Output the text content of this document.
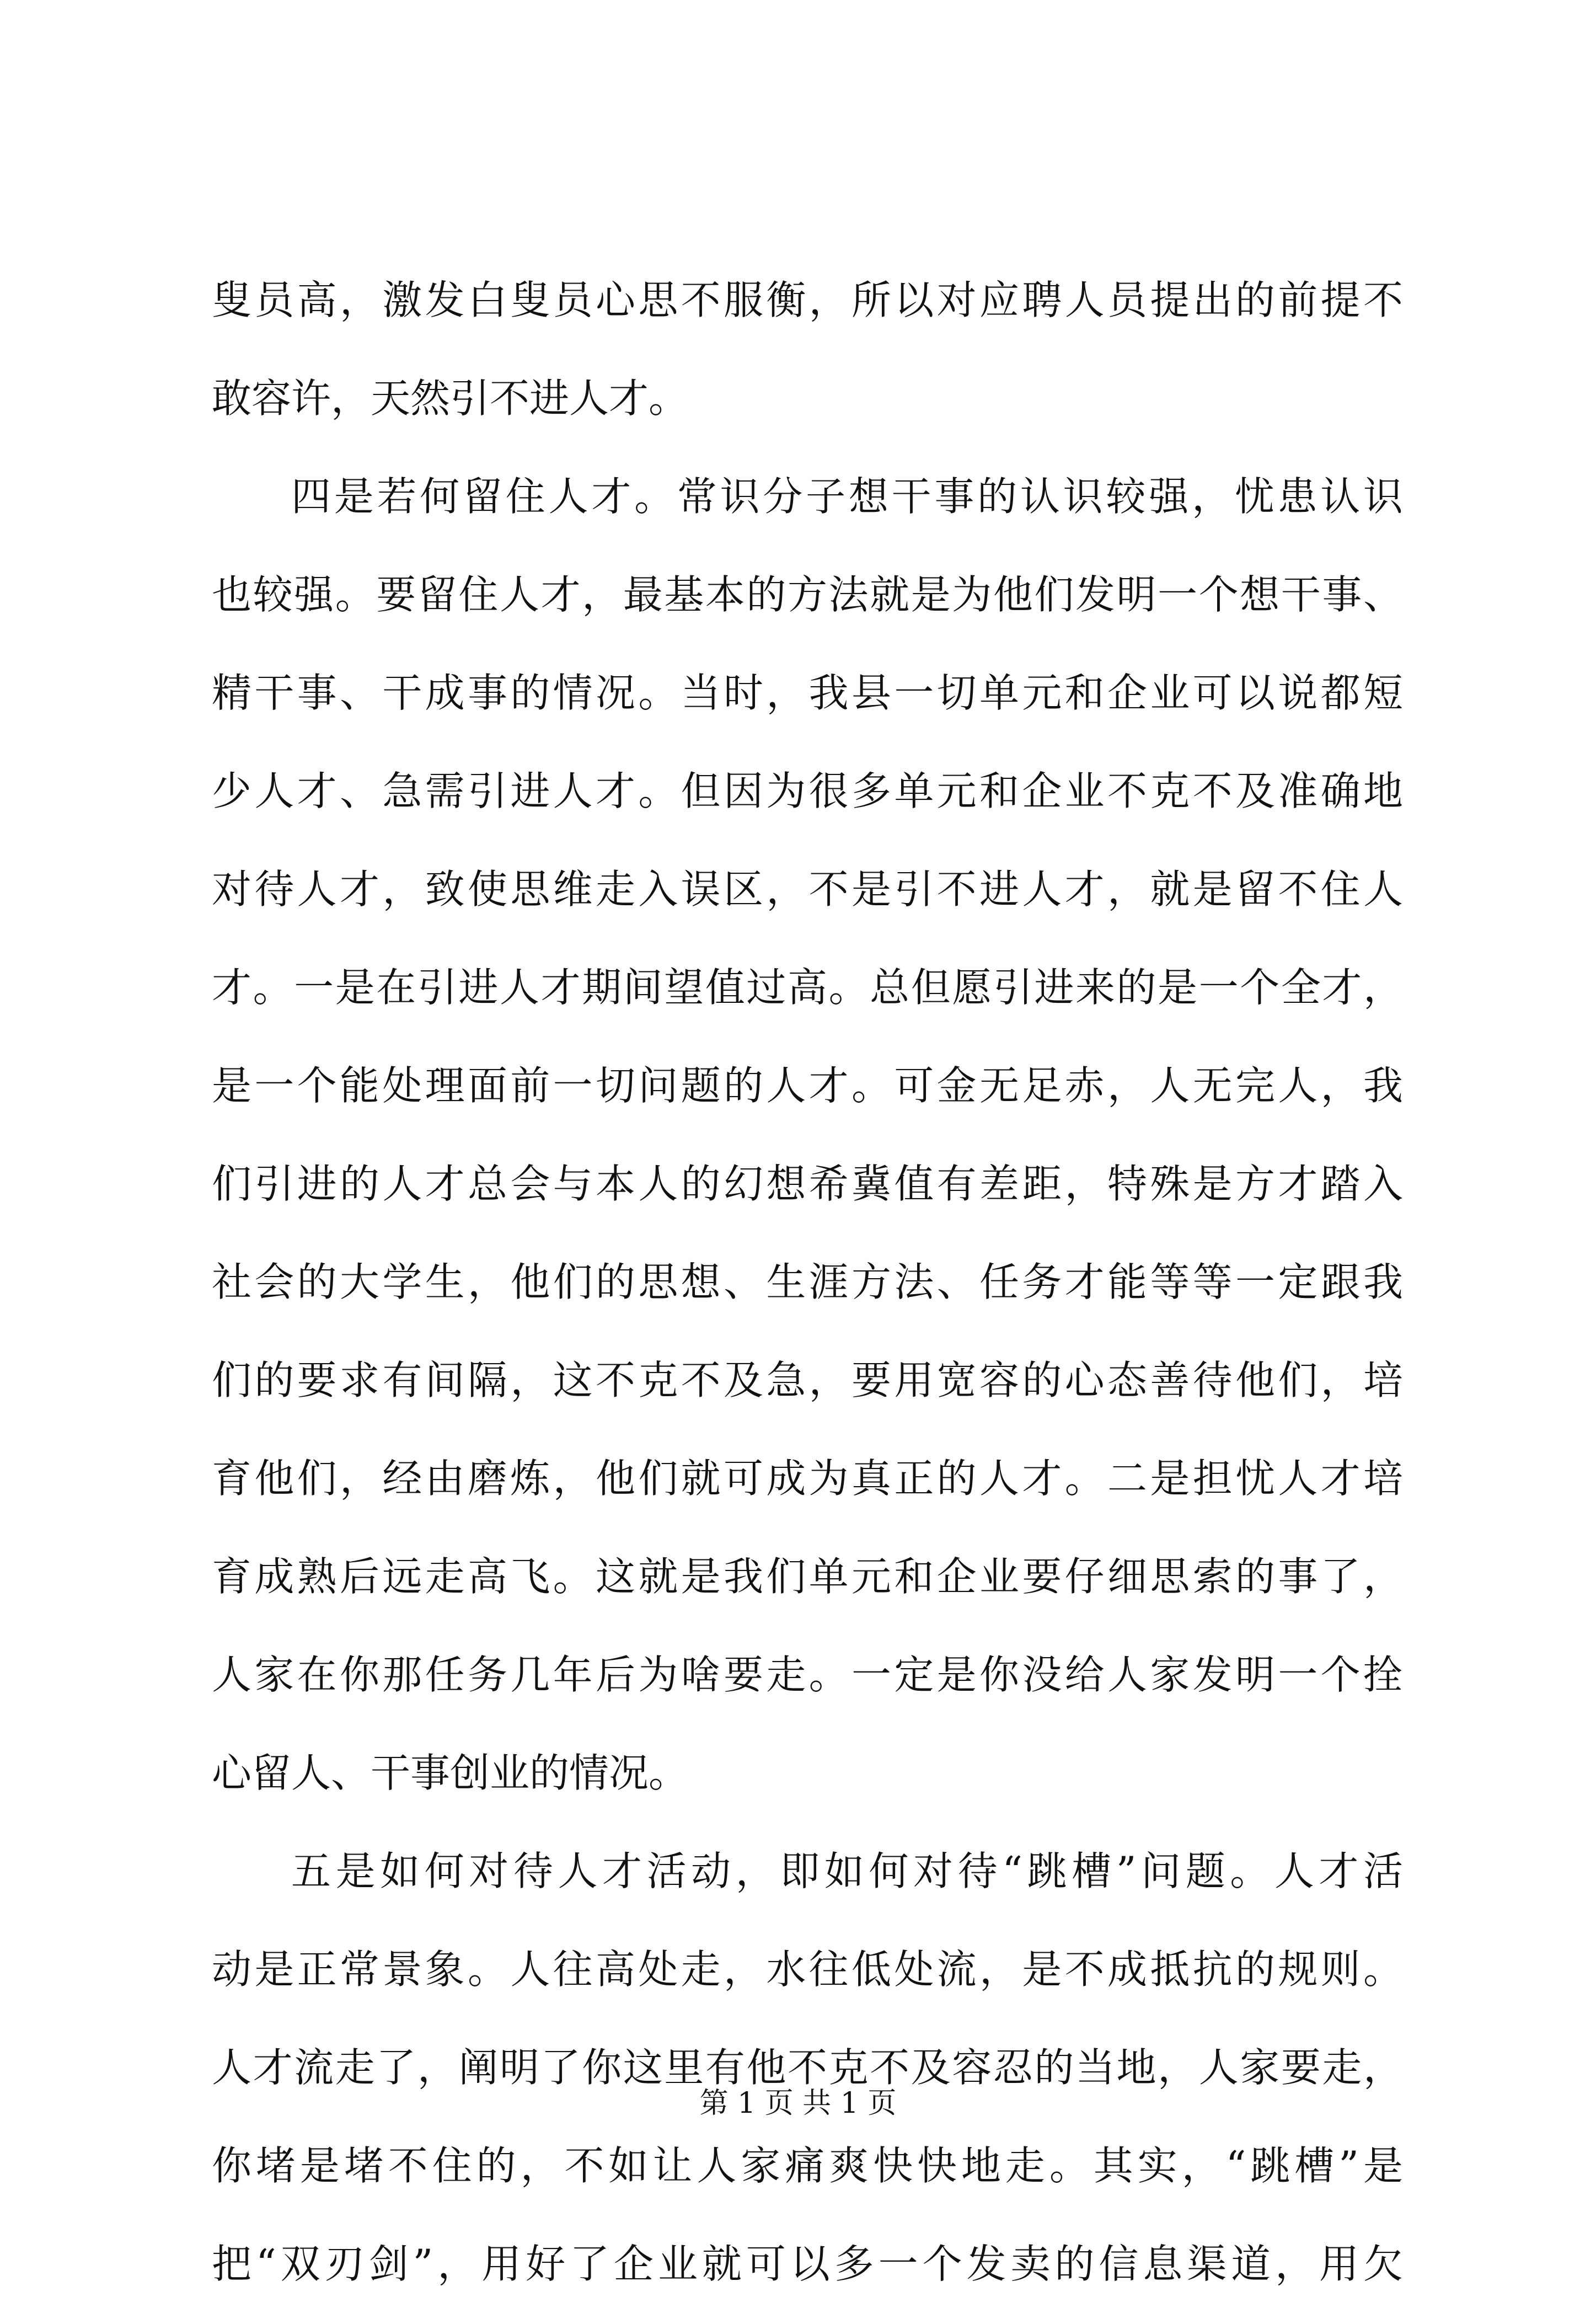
叟员高，激发白叟员心思不服衡，所以对应聘人员提出的前提不
敢容许，天然引不进人才。
四是若何留住人才。常识分子想干事的认识较强，忧患认识
也较强。要留住人才，最基本的方法就是为他们发明一个想干事、
精干事、干成事的情况。当时，我县一切单元和企业可以说都短
少人才、急需引进人才。但因为很多单元和企业不克不及准确地
对待人才，致使思维走入误区，不是引不进人才，就是留不住人
才。一是在引进人才期间望值过高。总但愿引进来的是一个全才，
是一个能处理面前一切问题的人才。可金无足赤，人无完人，我
们引进的人才总会与本人的幻想希冀值有差距，特殊是方才踏入
社会的大学生，他们的思想、生涯方法、任务才能等等一定跟我
们的要求有间隔，这不克不及急，要用宽容的心态善待他们，培
育他们，经由磨炼，他们就可成为真正的人才。二是担忧人才培
育成熟后远走高飞。这就是我们单元和企业要仔细思索的事了，
人家在你那任务几年后为啥要走。一定是你没给人家发明一个拴
心留人、干事创业的情况。
五是如何对待人才活动，即如何对待“跳槽”问题。人才活
动是正常景象。人往高处走，水往低处流，是不成抵抗的规则。
人才流走了，阐明了你这里有他不克不及容忍的当地，人家要走，
你堵是堵不住的，不如让人家痛爽快快地走。其实，“跳槽”是
把“双刃剑”，用好了企业就可以多一个发卖的信息渠道，用欠
第 1 页 共 1 页
